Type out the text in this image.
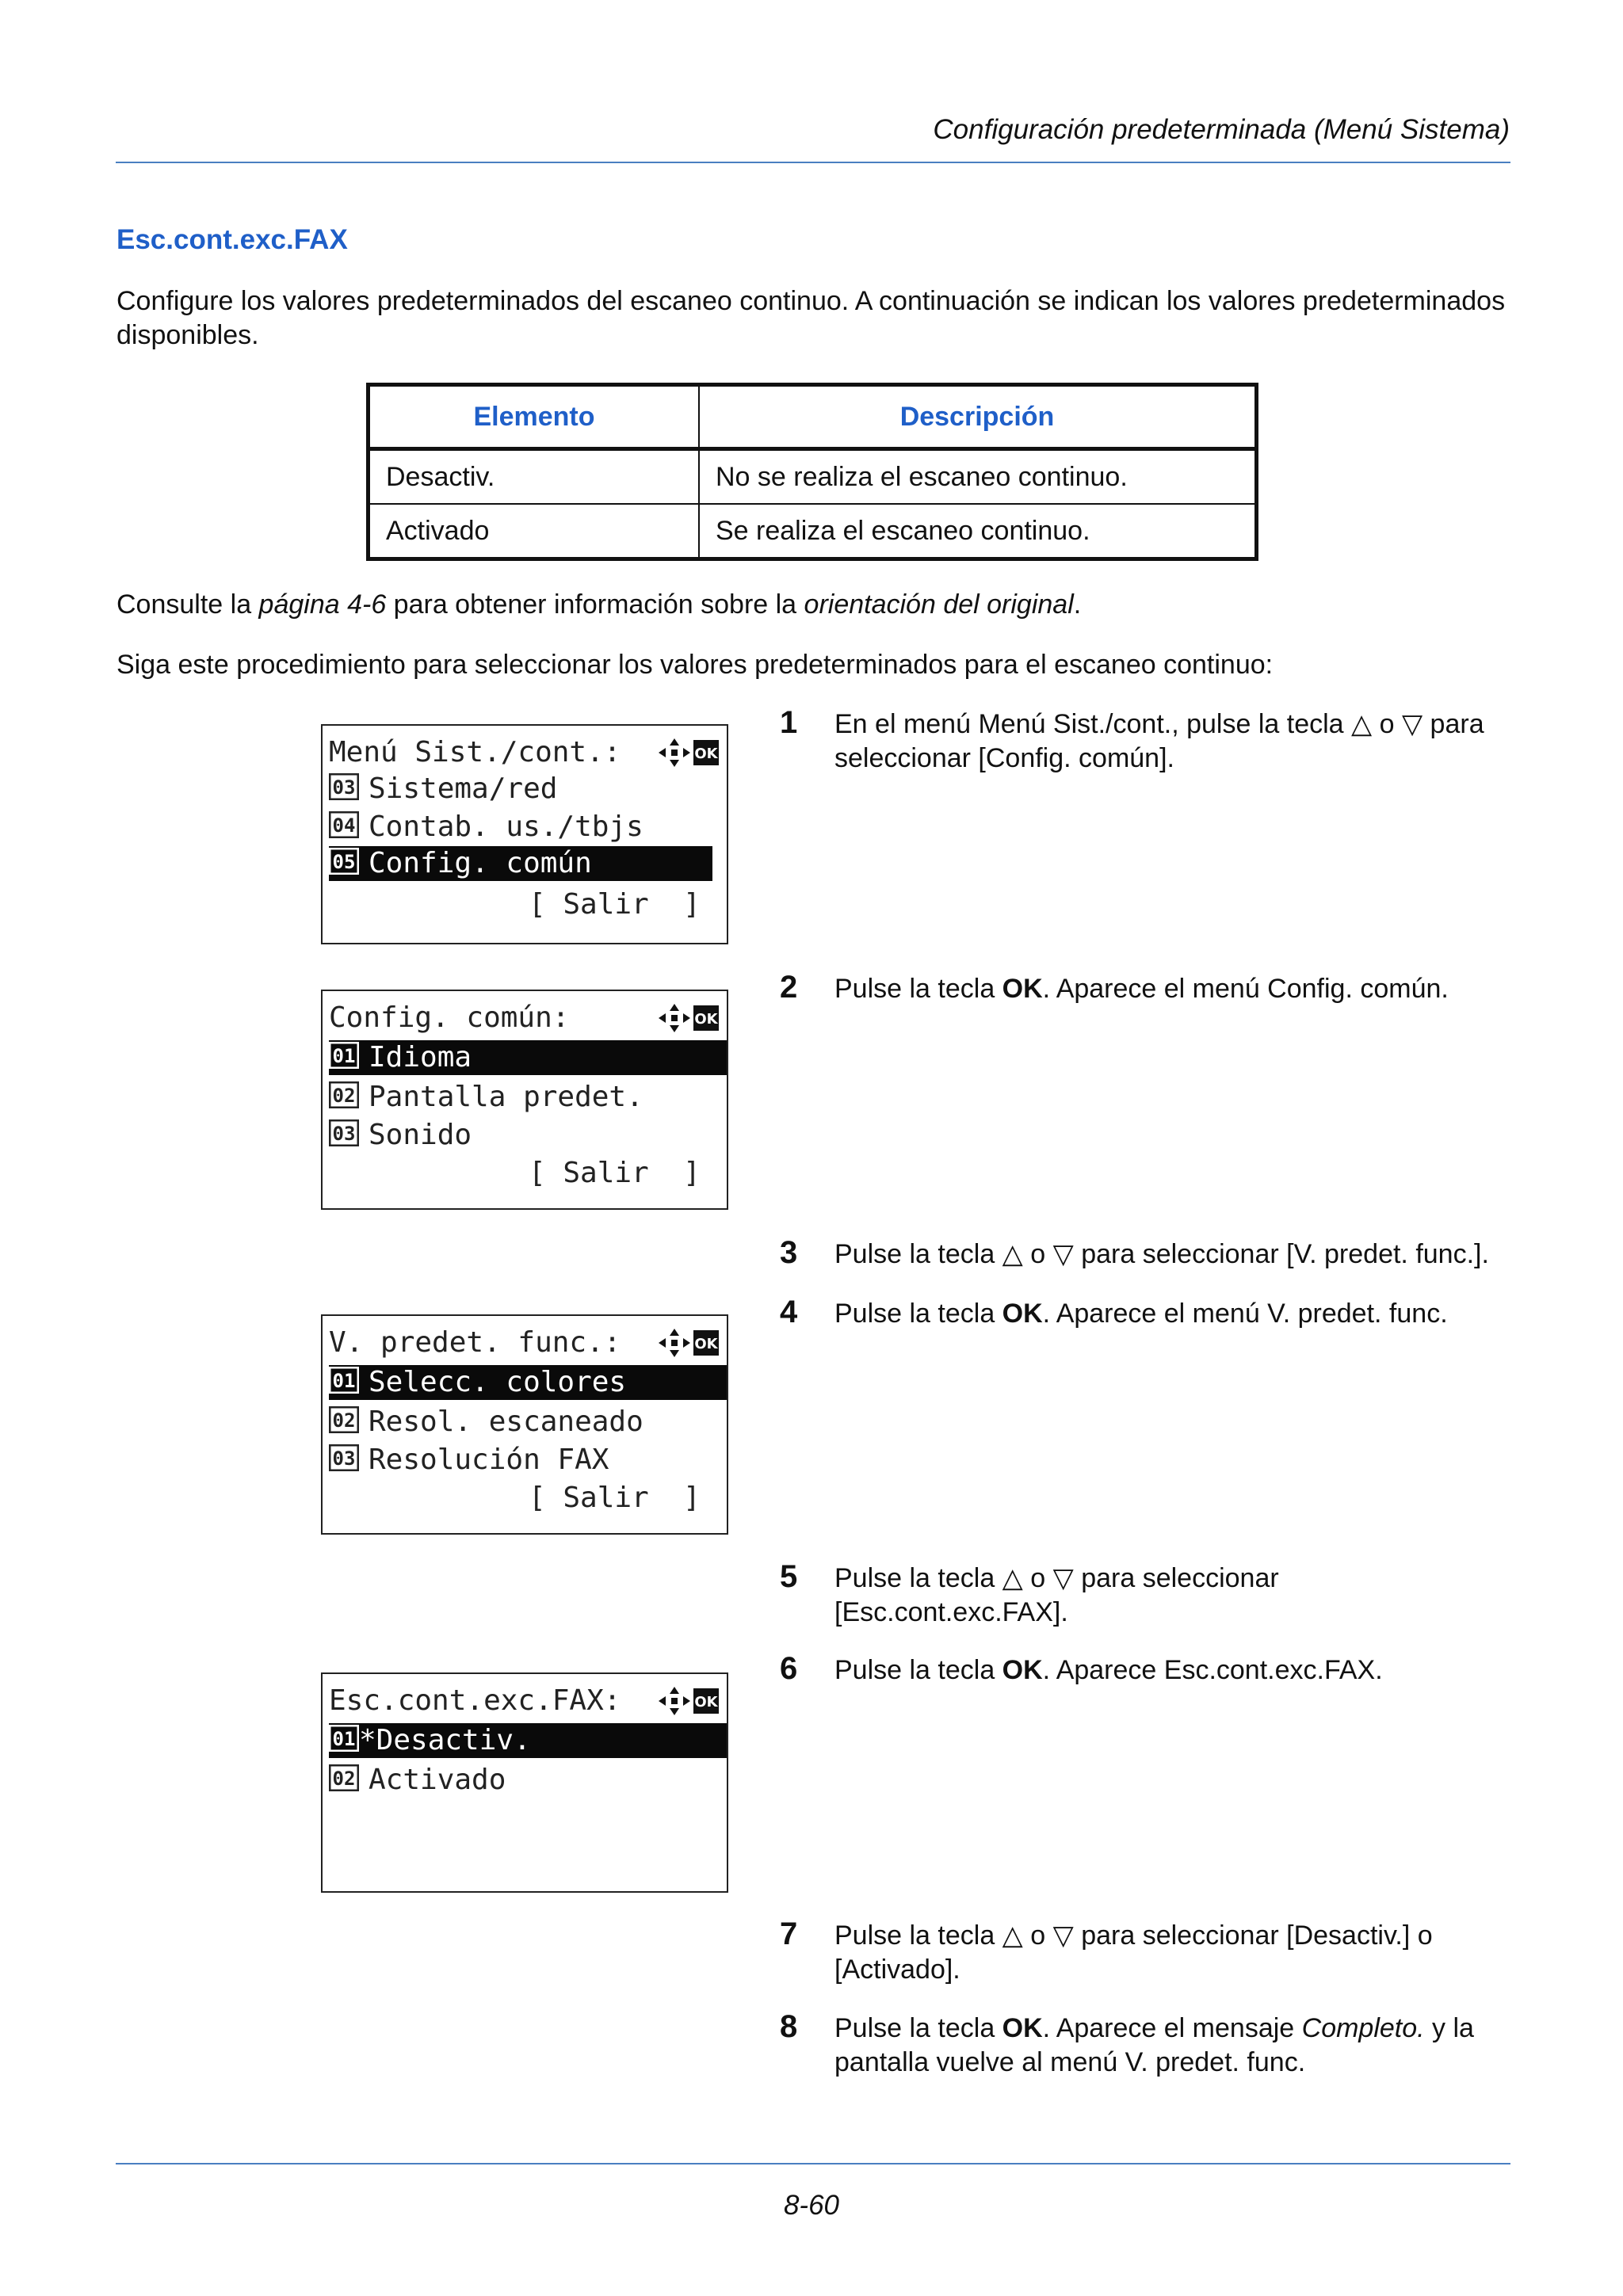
Configuración predeterminada (Menú Sistema)
Esc.cont.exc.FAX
Configure los valores predeterminados del escaneo continuo. A continuación se indican los valores predeterminados disponibles.
Elemento	Descripción
Desactiv.	No se realiza el escaneo continuo.
Activado	Se realiza el escaneo continuo.
Consulte la página 4-6 para obtener información sobre la orientación del original.
Siga este procedimiento para seleccionar los valores predeterminados para el escaneo continuo:
Menú Sist./cont.:	OK
03 Sistema/red
04 Contab. us./tbjs
05 Config. común
[ Salir  ]
Config. común:	OK
01 Idioma
02 Pantalla predet.
03 Sonido
[ Salir  ]
V. predet. func.:	OK
01 Selecc. colores
02 Resol. escaneado
03 Resolución FAX
[ Salir  ]
Esc.cont.exc.FAX:	OK
01 *Desactiv.
02 Activado
1 En el menú Menú Sist./cont., pulse la tecla △ o ▽ para seleccionar [Config. común].
2 Pulse la tecla OK. Aparece el menú Config. común.
3 Pulse la tecla △ o ▽ para seleccionar [V. predet. func.].
4 Pulse la tecla OK. Aparece el menú V. predet. func.
5 Pulse la tecla △ o ▽ para seleccionar [Esc.cont.exc.FAX].
6 Pulse la tecla OK. Aparece Esc.cont.exc.FAX.
7 Pulse la tecla △ o ▽ para seleccionar [Desactiv.] o [Activado].
8 Pulse la tecla OK. Aparece el mensaje Completo. y la pantalla vuelve al menú V. predet. func.
8-60
